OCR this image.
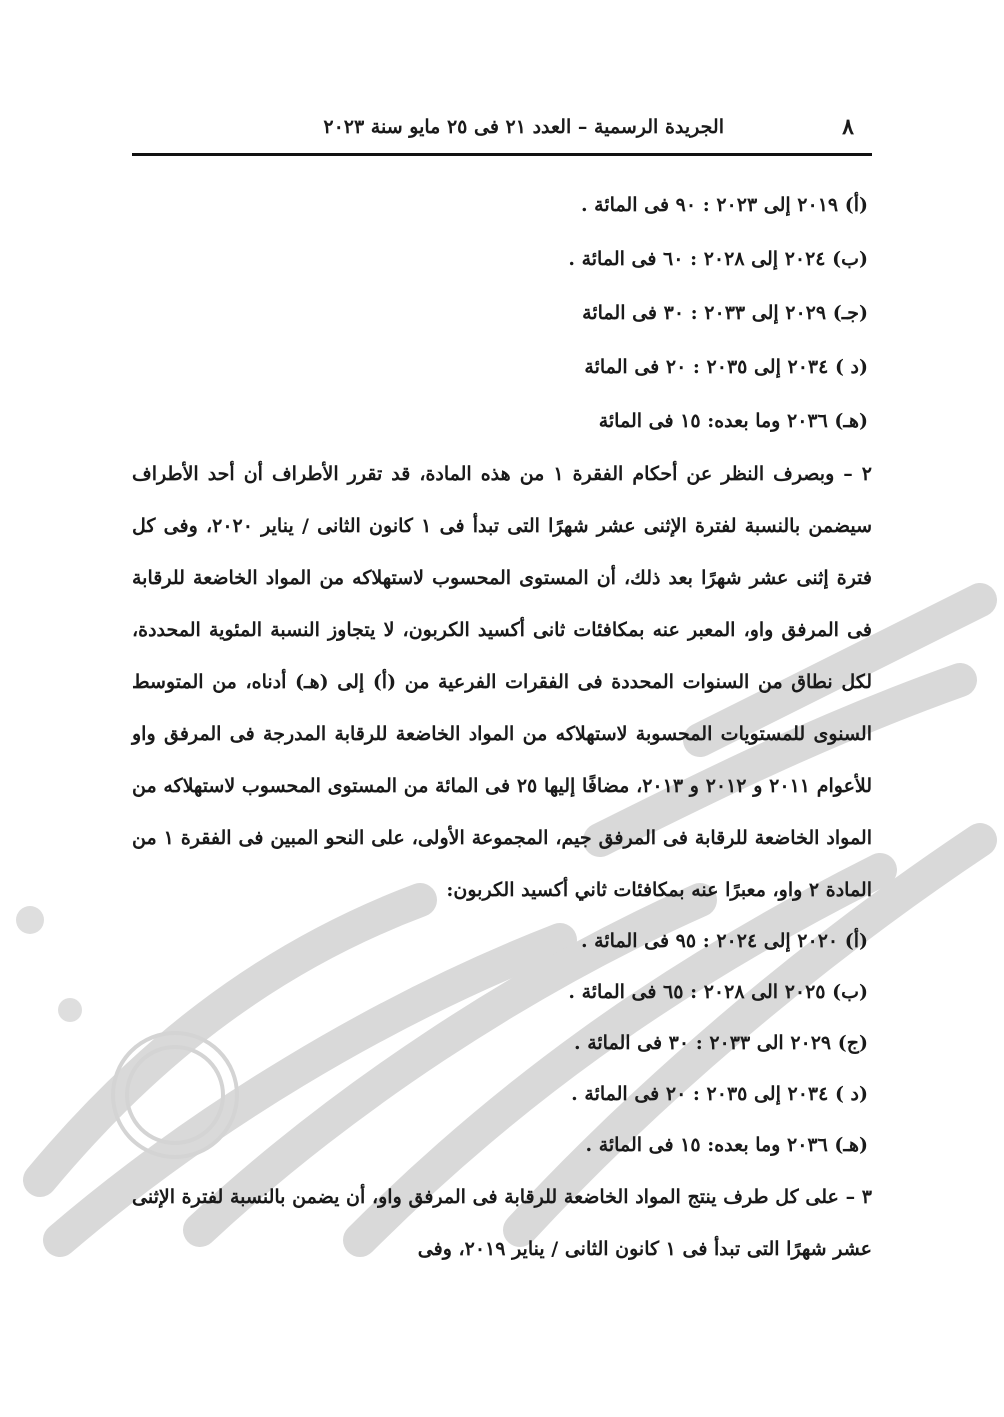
٨
الجريدة الرسمية – العدد ٢١ فى ٢٥ مايو سنة ٢٠٢٣
(أ) ٢٠١٩ إلى ٢٠٢٣ : ٩٠ فى المائة .
(ب) ٢٠٢٤ إلى ٢٠٢٨ : ٦٠ فى المائة .
(جـ) ٢٠٢٩ إلى ٢٠٣٣ : ٣٠ فى المائة
(د ) ٢٠٣٤ إلى ٢٠٣٥ : ٢٠ فى المائة
(هـ) ٢٠٣٦ وما بعده: ١٥ فى المائة

٢ – وبصرف النظر عن أحكام الفقرة ١ من هذه المادة، قد تقرر الأطراف أن أحد الأطراف سيضمن بالنسبة لفترة الإثنى عشر شهرًا التى تبدأ فى ١ كانون الثانى / يناير ٢٠٢٠، وفى كل فترة إثنى عشر شهرًا بعد ذلك، أن المستوى المحسوب لاستهلاكه من المواد الخاضعة للرقابة فى المرفق واو، المعبر عنه بمكافئات ثانى أكسيد الكربون، لا يتجاوز النسبة المئوية المحددة، لكل نطاق من السنوات المحددة فى الفقرات الفرعية من (أ) إلى (هـ) أدناه، من المتوسط السنوى للمستويات المحسوبة لاستهلاكه من المواد الخاضعة للرقابة المدرجة فى المرفق واو للأعوام ٢٠١١ و ٢٠١٢ و ٢٠١٣، مضافًا إليها ٢٥ فى المائة من المستوى المحسوب لاستهلاكه من المواد الخاضعة للرقابة فى المرفق جيم، المجموعة الأولى، على النحو المبين فى الفقرة ١ من المادة ٢ واو، معبرًا عنه بمكافئات ثاني أكسيد الكربون:

(أ) ٢٠٢٠ إلى ٢٠٢٤ : ٩٥ فى المائة .
(ب) ٢٠٢٥ الى ٢٠٢٨ : ٦٥ فى المائة .
(ج) ٢٠٢٩ الى ٢٠٣٣ : ٣٠ فى المائة .
(د ) ٢٠٣٤ إلى ٢٠٣٥ : ٢٠ فى المائة .
(هـ) ٢٠٣٦ وما بعده: ١٥ فى المائة .

٣ – على كل طرف ينتج المواد الخاضعة للرقابة فى المرفق واو، أن يضمن بالنسبة لفترة الإثنى عشر شهرًا التى تبدأ فى ١ كانون الثانى / يناير ٢٠١٩، وفى
